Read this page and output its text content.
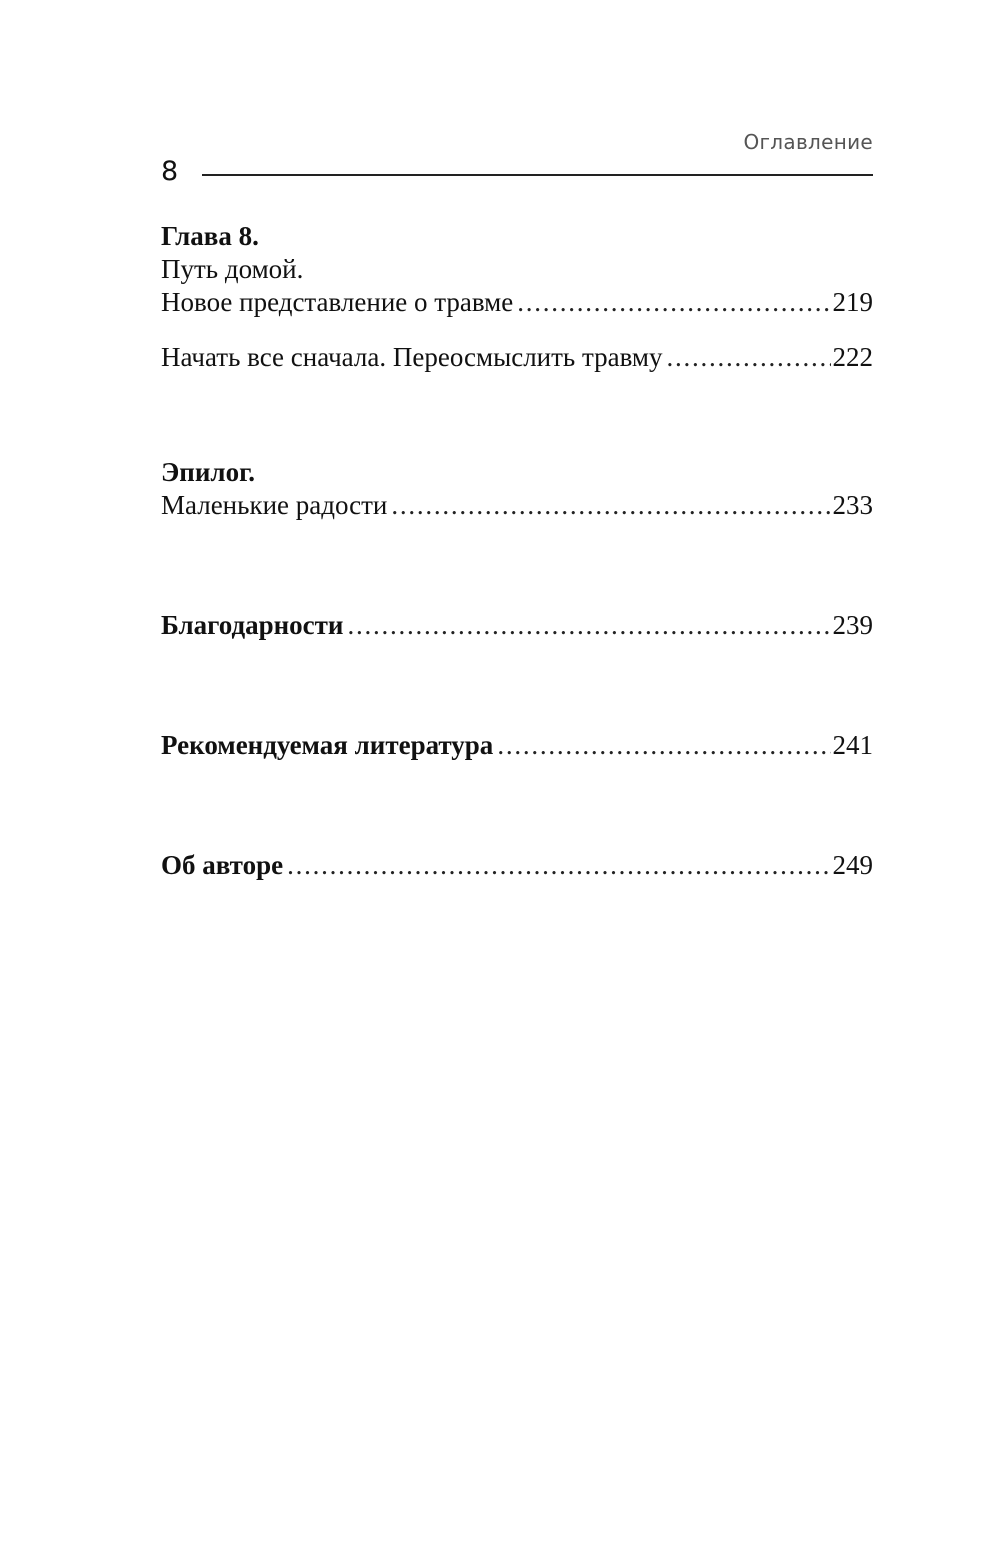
Оглавление
8
Глава 8.
Путь домой.
Новое представление о травме . . .	219
Начать все сначала. Переосмыслить травму . . .	222
Эпилог.
Маленькие радости . . .	233
Благодарности . . .	239
Рекомендуемая литература . . .	241
Об авторе . . .	249
